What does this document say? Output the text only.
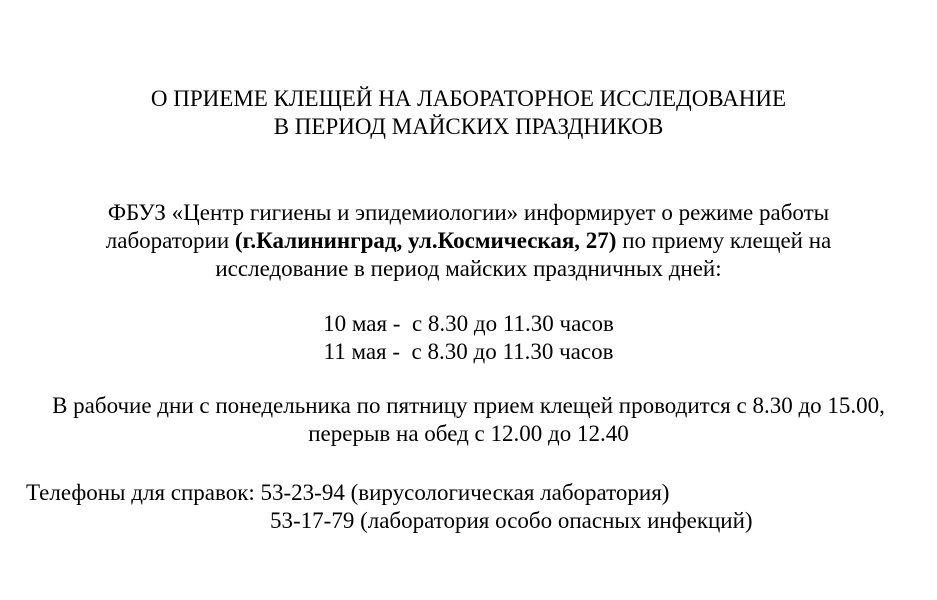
О ПРИЕМЕ КЛЕЩЕЙ НА ЛАБОРАТОРНОЕ ИССЛЕДОВАНИЕ
В ПЕРИОД МАЙСКИХ ПРАЗДНИКОВ
ФБУЗ «Центр гигиены и эпидемиологии» информирует о режиме работы
лаборатории (г.Калининград, ул.Космическая, 27) по приему клещей на
исследование в период майских праздничных дней:
10 мая -  с 8.30 до 11.30 часов
11 мая -  с 8.30 до 11.30 часов
В рабочие дни с понедельника по пятницу прием клещей проводится с 8.30 до 15.00,
перерыв на обед с 12.00 до 12.40
Телефоны для справок: 53-23-94 (вирусологическая лаборатория)
53-17-79 (лаборатория особо опасных инфекций)
